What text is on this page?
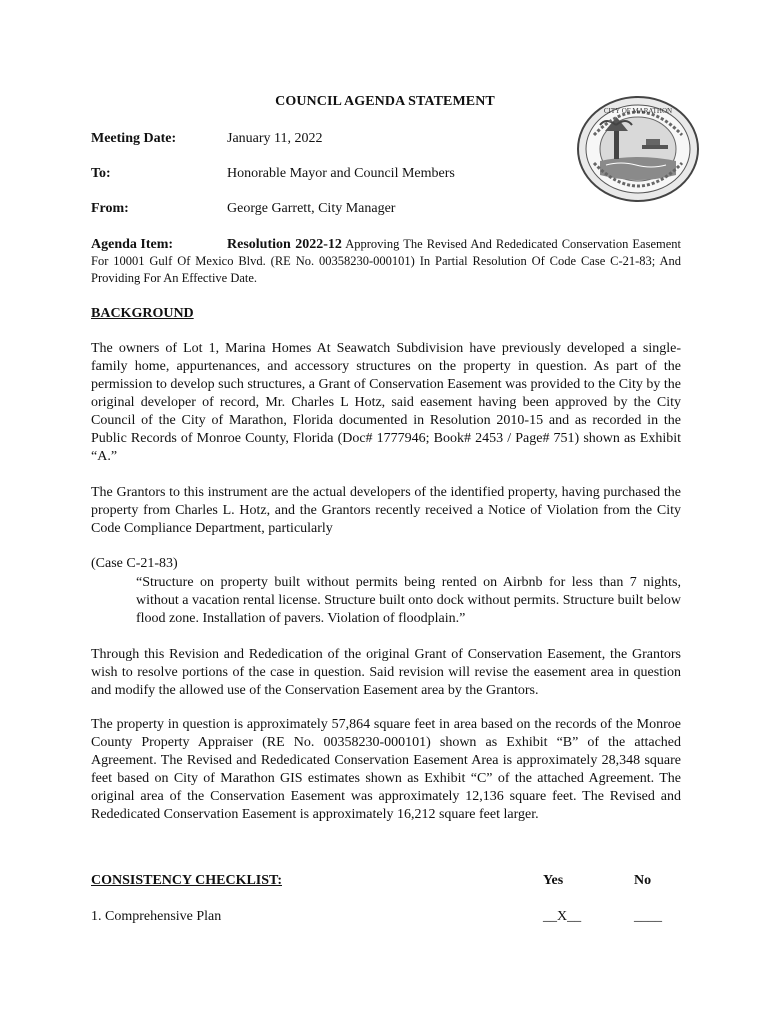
COUNCIL AGENDA STATEMENT
CITY OF MARATHON
Meeting Date:	January 11, 2022
To:	Honorable Mayor and Council Members
From:	George Garrett, City Manager
Agenda Item:	Resolution 2022-12 Approving The Revised And Rededicated Conservation Easement For 10001 Gulf Of Mexico Blvd. (RE No. 00358230-000101) In Partial Resolution Of Code Case C-21-83; And Providing For An Effective Date.
BACKGROUND
The owners of Lot 1, Marina Homes At Seawatch Subdivision have previously developed a single-family home, appurtenances, and accessory structures on the property in question. As part of the permission to develop such structures, a Grant of Conservation Easement was provided to the City by the original developer of record, Mr. Charles L Hotz, said easement having been approved by the City Council of the City of Marathon, Florida documented in Resolution 2010-15 and as recorded in the Public Records of Monroe County, Florida (Doc# 1777946; Book# 2453 / Page# 751) shown as Exhibit “A.”
The Grantors to this instrument are the actual developers of the identified property, having purchased the property from Charles L. Hotz, and the Grantors recently received a Notice of Violation from the City Code Compliance Department, particularly
(Case C-21-83)
“Structure on property built without permits being rented on Airbnb for less than 7 nights, without a vacation rental license. Structure built onto dock without permits. Structure built below flood zone. Installation of pavers. Violation of floodplain.”
Through this Revision and Rededication of the original Grant of Conservation Easement, the Grantors wish to resolve portions of the case in question. Said revision will revise the easement area in question and modify the allowed use of the Conservation Easement area by the Grantors.
The property in question is approximately 57,864 square feet in area based on the records of the Monroe County Property Appraiser (RE No. 00358230-000101) shown as Exhibit “B” of the attached Agreement. The Revised and Rededicated Conservation Easement Area is approximately 28,348 square feet based on City of Marathon GIS estimates shown as Exhibit “C” of the attached Agreement. The original area of the Conservation Easement was approximately 12,136 square feet. The Revised and Rededicated Conservation Easement is approximately 16,212 square feet larger.
CONSISTENCY CHECKLIST:	Yes	No
1. Comprehensive Plan	__X__	____
